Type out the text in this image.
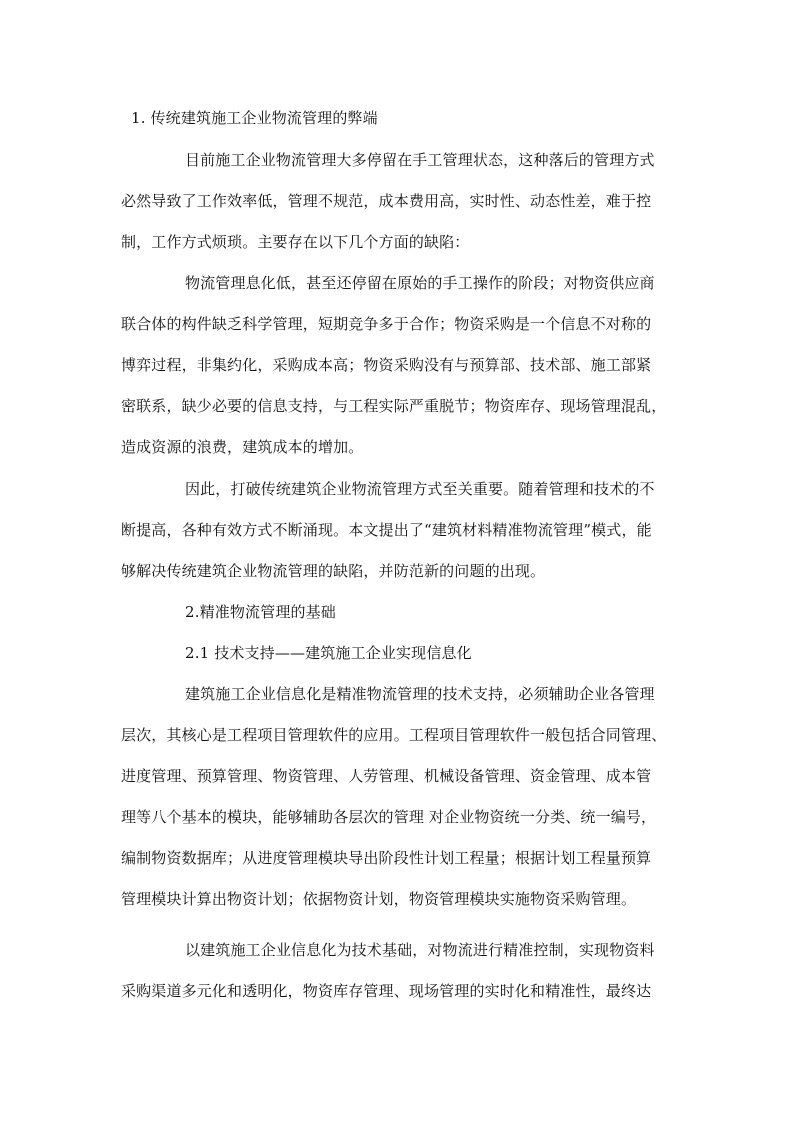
1. 传统建筑施工企业物流管理的弊端
目前施工企业物流管理大多停留在手工管理状态，这种落后的管理方式
必然导致了工作效率低，管理不规范，成本费用高，实时性、动态性差，难于控
制，工作方式烦琐。主要存在以下几个方面的缺陷：
物流管理息化低，甚至还停留在原始的手工操作的阶段；对物资供应商
联合体的构件缺乏科学管理，短期竞争多于合作；物资采购是一个信息不对称的
博弈过程，非集约化，采购成本高；物资采购没有与预算部、技术部、施工部紧
密联系，缺少必要的信息支持，与工程实际严重脱节；物资库存、现场管理混乱，
造成资源的浪费，建筑成本的增加。
因此，打破传统建筑企业物流管理方式至关重要。随着管理和技术的不
断提高，各种有效方式不断涌现。本文提出了“建筑材料精准物流管理”模式，能
够解决传统建筑企业物流管理的缺陷，并防范新的问题的出现。
2.精准物流管理的基础
2.1 技术支持——建筑施工企业实现信息化
建筑施工企业信息化是精准物流管理的技术支持，必须辅助企业各管理
层次，其核心是工程项目管理软件的应用。工程项目管理软件一般包括合同管理、
进度管理、预算管理、物资管理、人劳管理、机械设备管理、资金管理、成本管
理等八个基本的模块，能够辅助各层次的管理 对企业物资统一分类、统一编号，
编制物资数据库；从进度管理模块导出阶段性计划工程量；根据计划工程量预算
管理模块计算出物资计划；依据物资计划，物资管理模块实施物资采购管理。
以建筑施工企业信息化为技术基础，对物流进行精准控制，实现物资料
采购渠道多元化和透明化，物资库存管理、现场管理的实时化和精准性，最终达
